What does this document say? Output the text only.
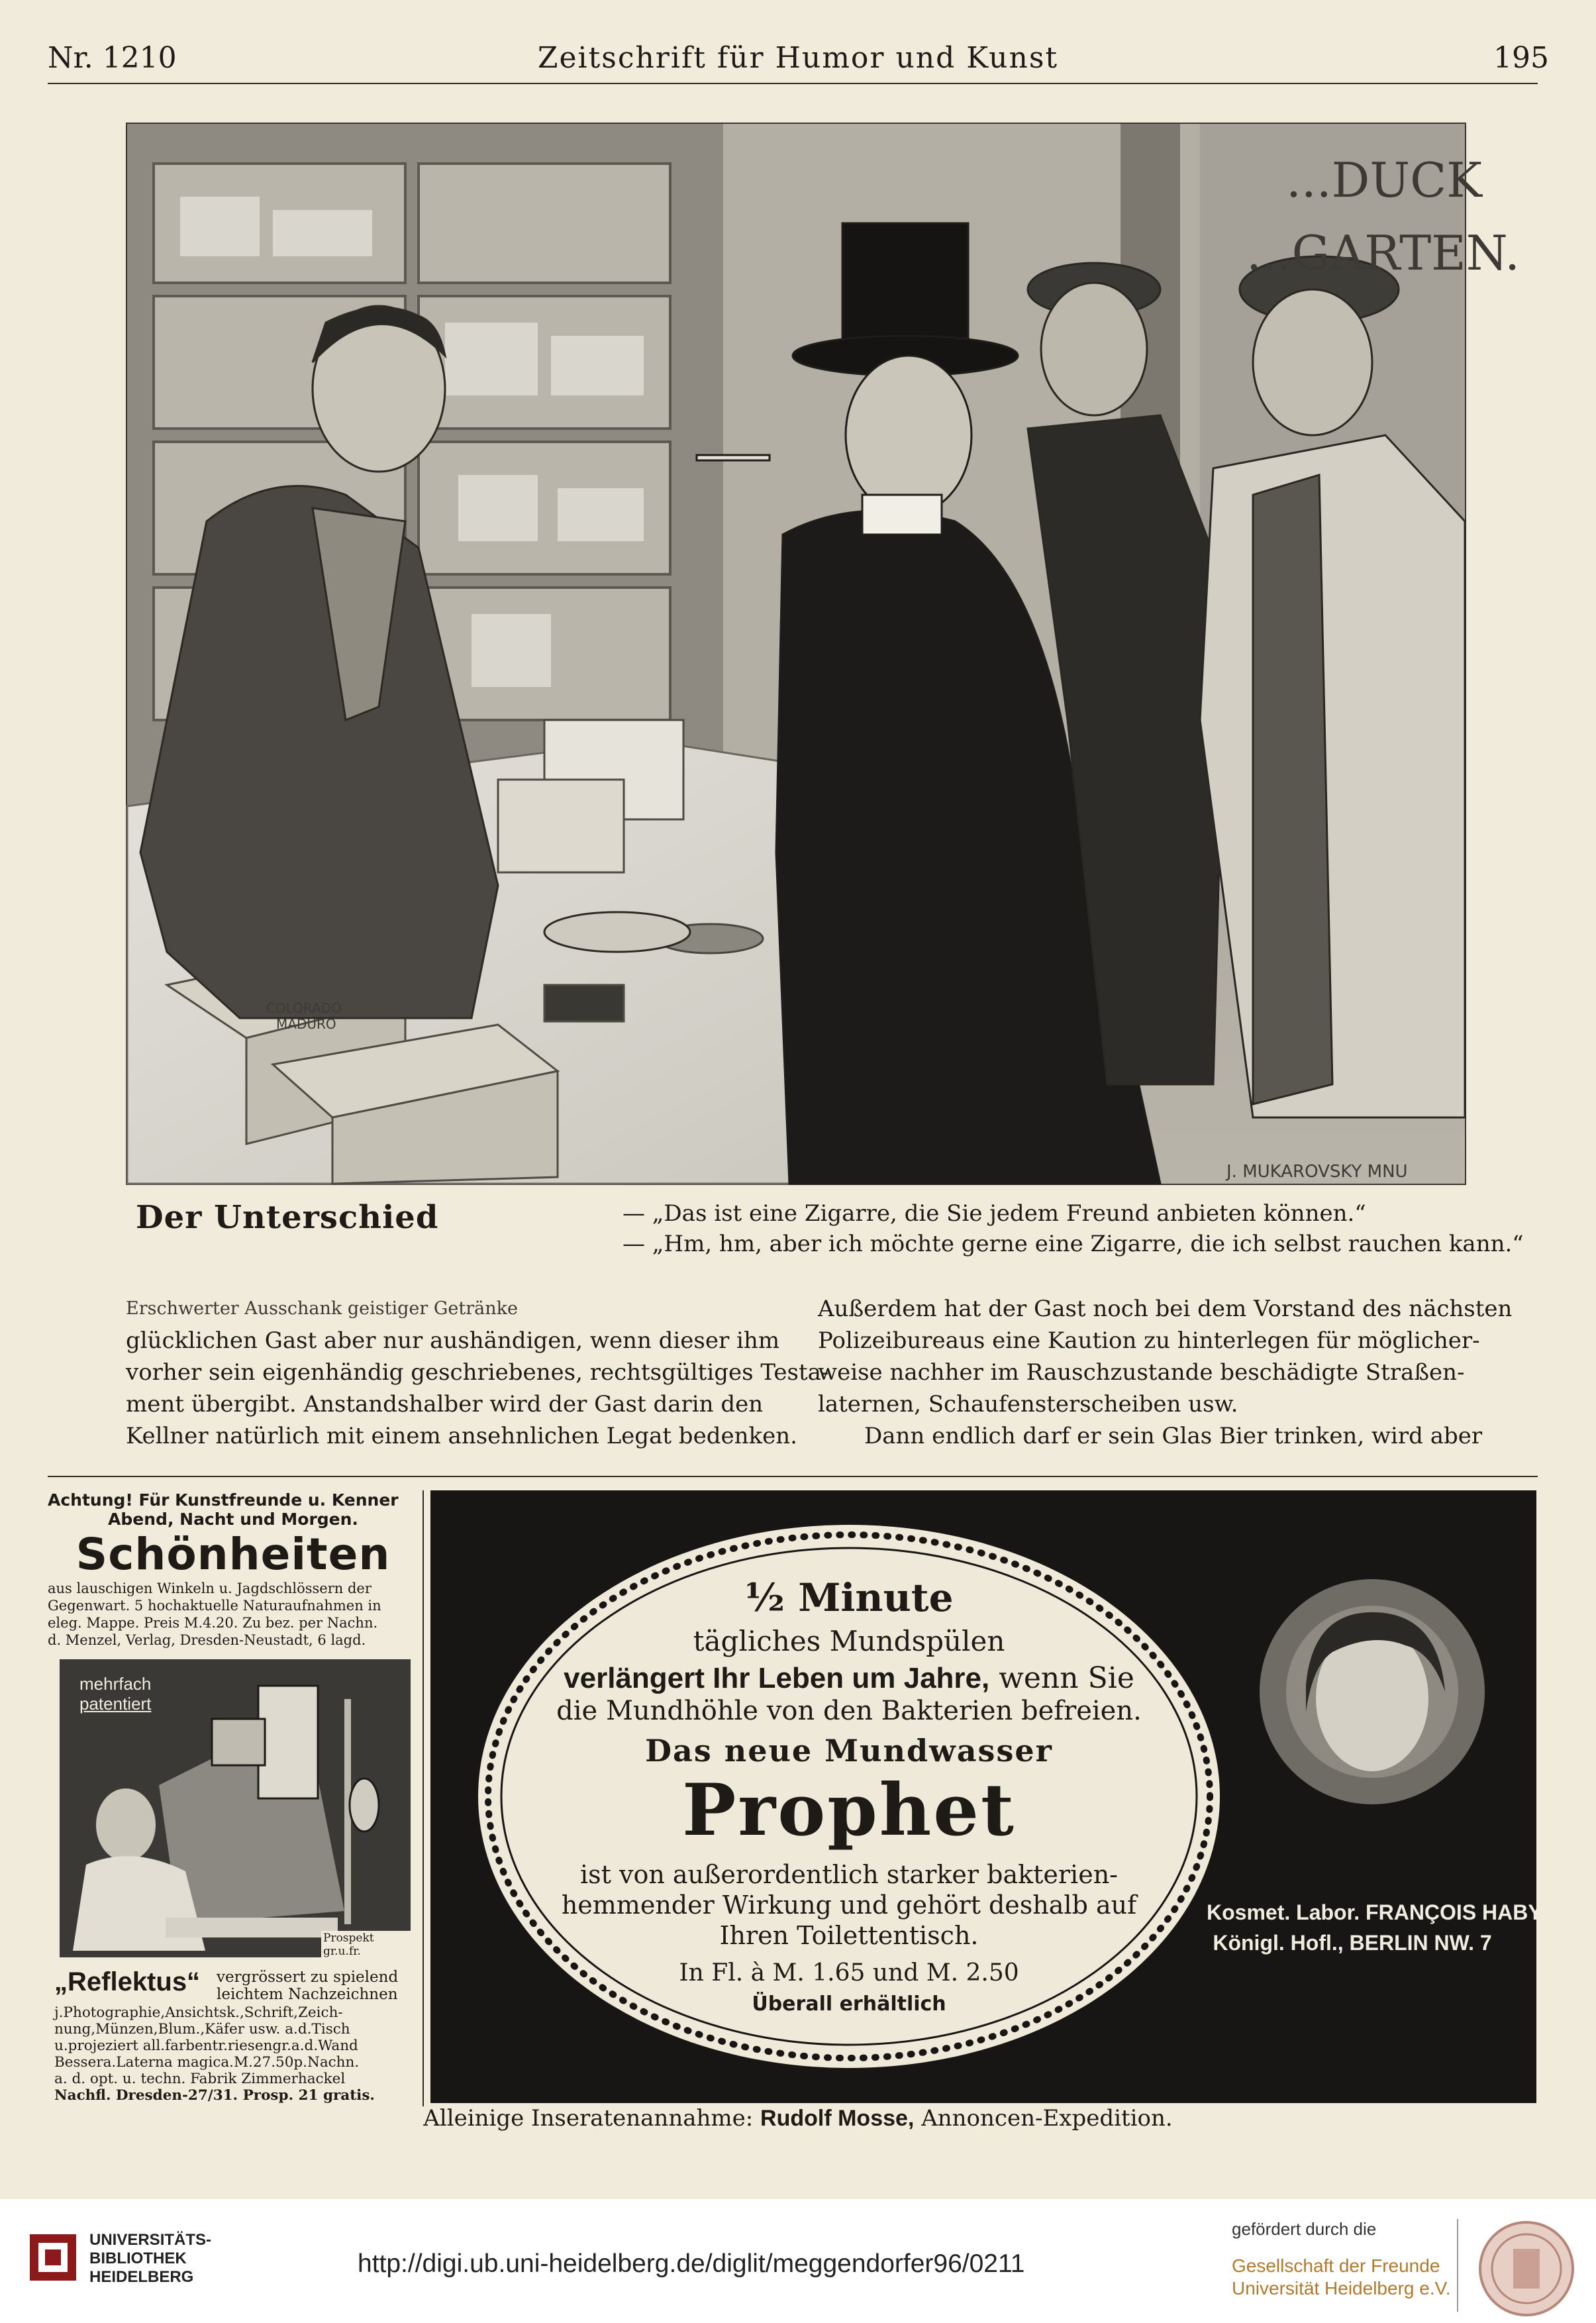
Nr. 1210	Zeitschrift für Humor und Kunst	195
...DUCK
...GARTEN.
J. MUKAROVSKY MNU
COLORADO
MADURO
Der Unterschied	— „Das ist eine Zigarre, die Sie jedem Freund anbieten können.“
— „Hm, hm, aber ich möchte gerne eine Zigarre, die ich selbst rauchen kann.“
Erschwerter Ausschank geistiger Getränke
glücklichen Gast aber nur aushändigen, wenn dieser ihm
vorher sein eigenhändig geschriebenes, rechtsgültiges Testa-
ment übergibt. Anstandshalber wird der Gast darin den
Kellner natürlich mit einem ansehnlichen Legat bedenken.
Außerdem hat der Gast noch bei dem Vorstand des nächsten
Polizeibureaus eine Kaution zu hinterlegen für möglicher-
weise nachher im Rauschzustande beschädigte Straßen-
laternen, Schaufensterscheiben usw.
Dann endlich darf er sein Glas Bier trinken, wird aber
Achtung! Für Kunstfreunde u. Kenner
Abend, Nacht und Morgen.
Schönheiten
aus lauschigen Winkeln u. Jagdschlössern der
Gegenwart. 5 hochaktuelle Naturaufnahmen in
eleg. Mappe. Preis M.4.20. Zu bez. per Nachn.
d. Menzel, Verlag, Dresden-Neustadt, 6 lagd.
mehrfach
patentiert
Prospekt gr.u.fr.
„Reflektus“ vergrössert zu spielend
leichtem Nachzeichnen
j.Photographie,Ansichtsk.,Schrift,Zeich-
nung,Münzen,Blum.,Käfer usw. a.d.Tisch
u.projeziert all.farbentr.riesengr.a.d.Wand
Bessera.Laterna magica.M.27.50p.Nachn.
a. d. opt. u. techn. Fabrik Zimmerhackel
Nachfl. Dresden-27/31. Prosp. 21 gratis.
½ Minute
tägliches Mundspülen
verlängert Ihr Leben um Jahre, wenn Sie
die Mundhöhle von den Bakterien befreien.
Das neue Mundwasser
Prophet
ist von außerordentlich starker bakterien-
hemmender Wirkung und gehört deshalb auf
Ihren Toilettentisch.
In Fl. à M. 1.65 und M. 2.50
Überall erhältlich
Kosmet. Labor. FRANÇOIS HABY,
Königl. Hofl., BERLIN NW. 7
Alleinige Inseratenannahme: Rudolf Mosse, Annoncen-Expedition.
UNIVERSITÄTS-
BIBLIOTHEK
HEIDELBERG	http://digi.ub.uni-heidelberg.de/diglit/meggendorfer96/0211
gefördert durch die
Gesellschaft der Freunde
Universität Heidelberg e.V.
